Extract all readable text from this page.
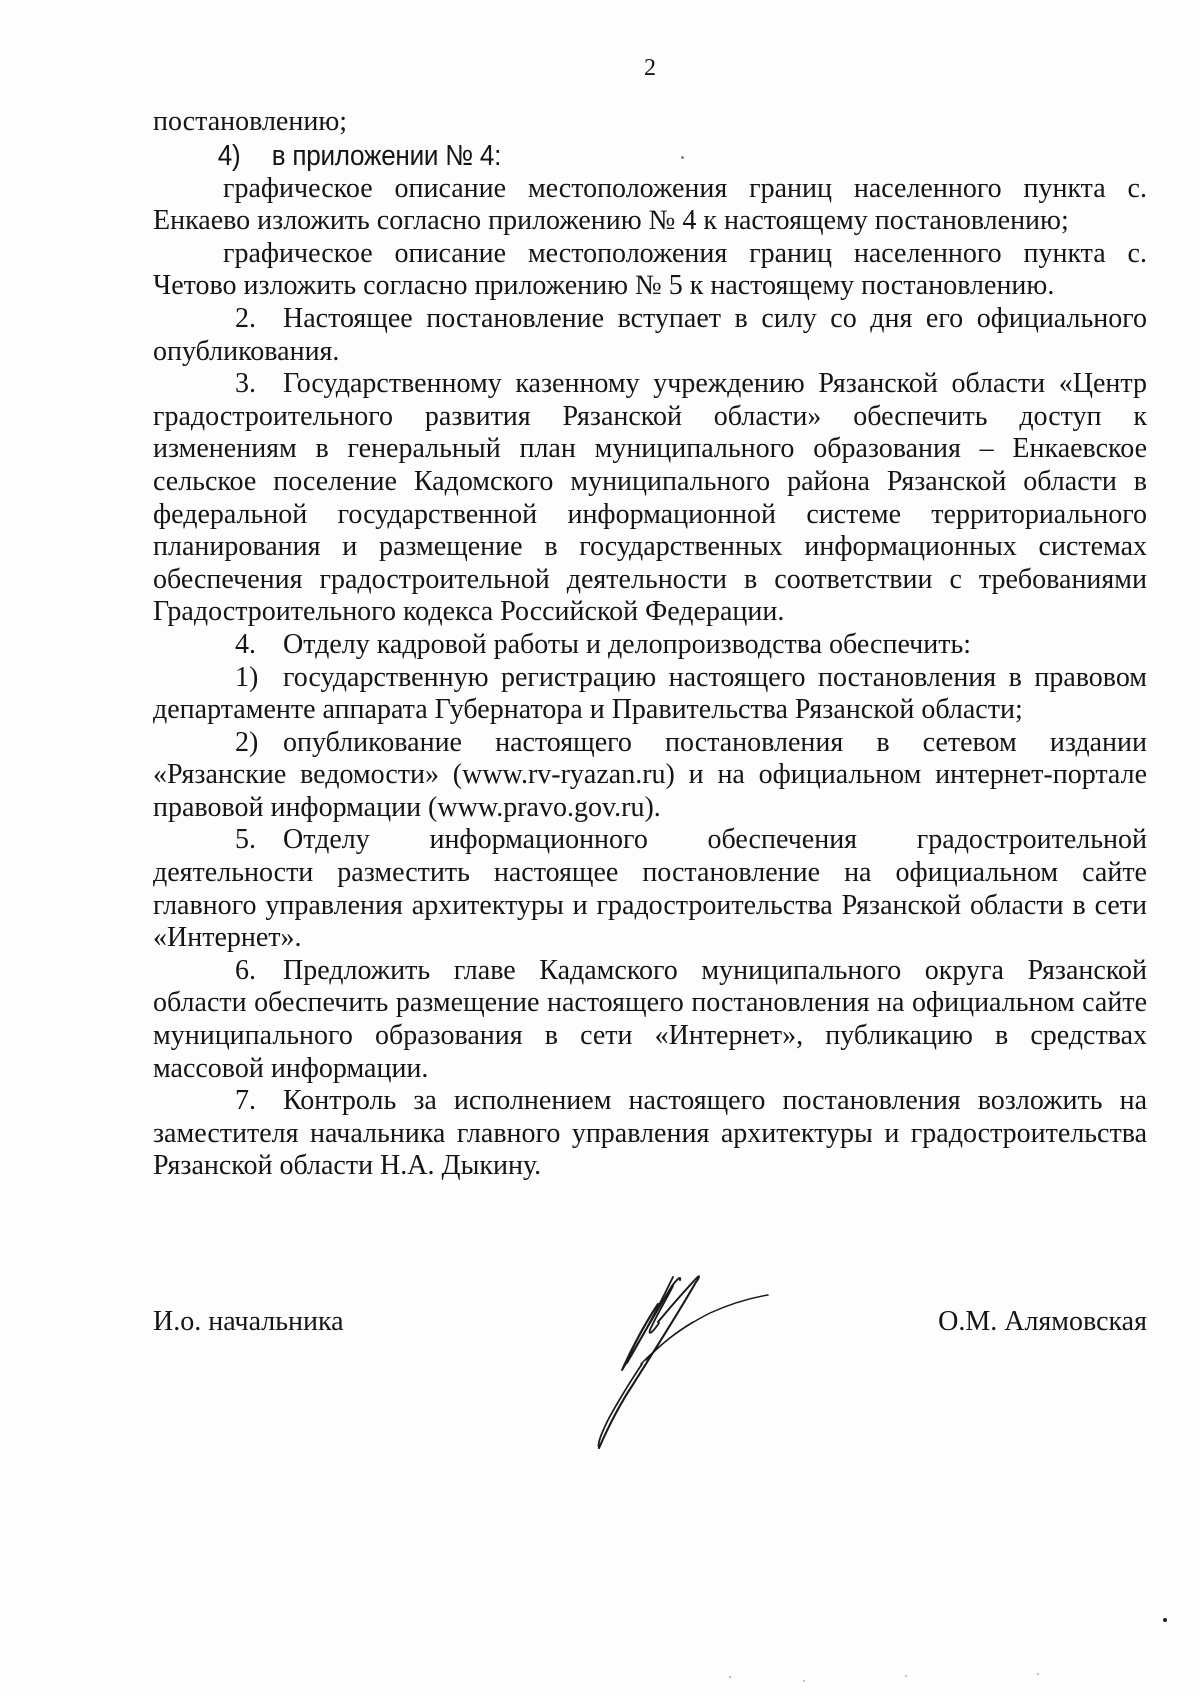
2

постановлению;

4) в приложении № 4:

графическое описание местоположения границ населенного пункта с. Енкаево изложить согласно приложению № 4 к настоящему постановлению;

графическое описание местоположения границ населенного пункта с. Четово изложить согласно приложению № 5 к настоящему постановлению.

2. Настоящее постановление вступает в силу со дня его официального опубликования.

3. Государственному казенному учреждению Рязанской области «Центр градостроительного развития Рязанской области» обеспечить доступ к изменениям в генеральный план муниципального образования – Енкаевское сельское поселение Кадомского муниципального района Рязанской области в федеральной государственной информационной системе территориального планирования и размещение в государственных информационных системах обеспечения градостроительной деятельности в соответствии с требованиями Градостроительного кодекса Российской Федерации.

4. Отделу кадровой работы и делопроизводства обеспечить:

1) государственную регистрацию настоящего постановления в правовом департаменте аппарата Губернатора и Правительства Рязанской области;

2) опубликование настоящего постановления в сетевом издании «Рязанские ведомости» (www.rv-ryazan.ru) и на официальном интернет-портале правовой информации (www.pravo.gov.ru).

5. Отделу информационного обеспечения градостроительной деятельности разместить настоящее постановление на официальном сайте главного управления архитектуры и градостроительства Рязанской области в сети «Интернет».

6. Предложить главе Кадамского муниципального округа Рязанской области обеспечить размещение настоящего постановления на официальном сайте муниципального образования в сети «Интернет», публикацию в средствах массовой информации.

7. Контроль за исполнением настоящего постановления возложить на заместителя начальника главного управления архитектуры и градостроительства Рязанской области Н.А. Дыкину.

И.о. начальника	О.М. Алямовская
